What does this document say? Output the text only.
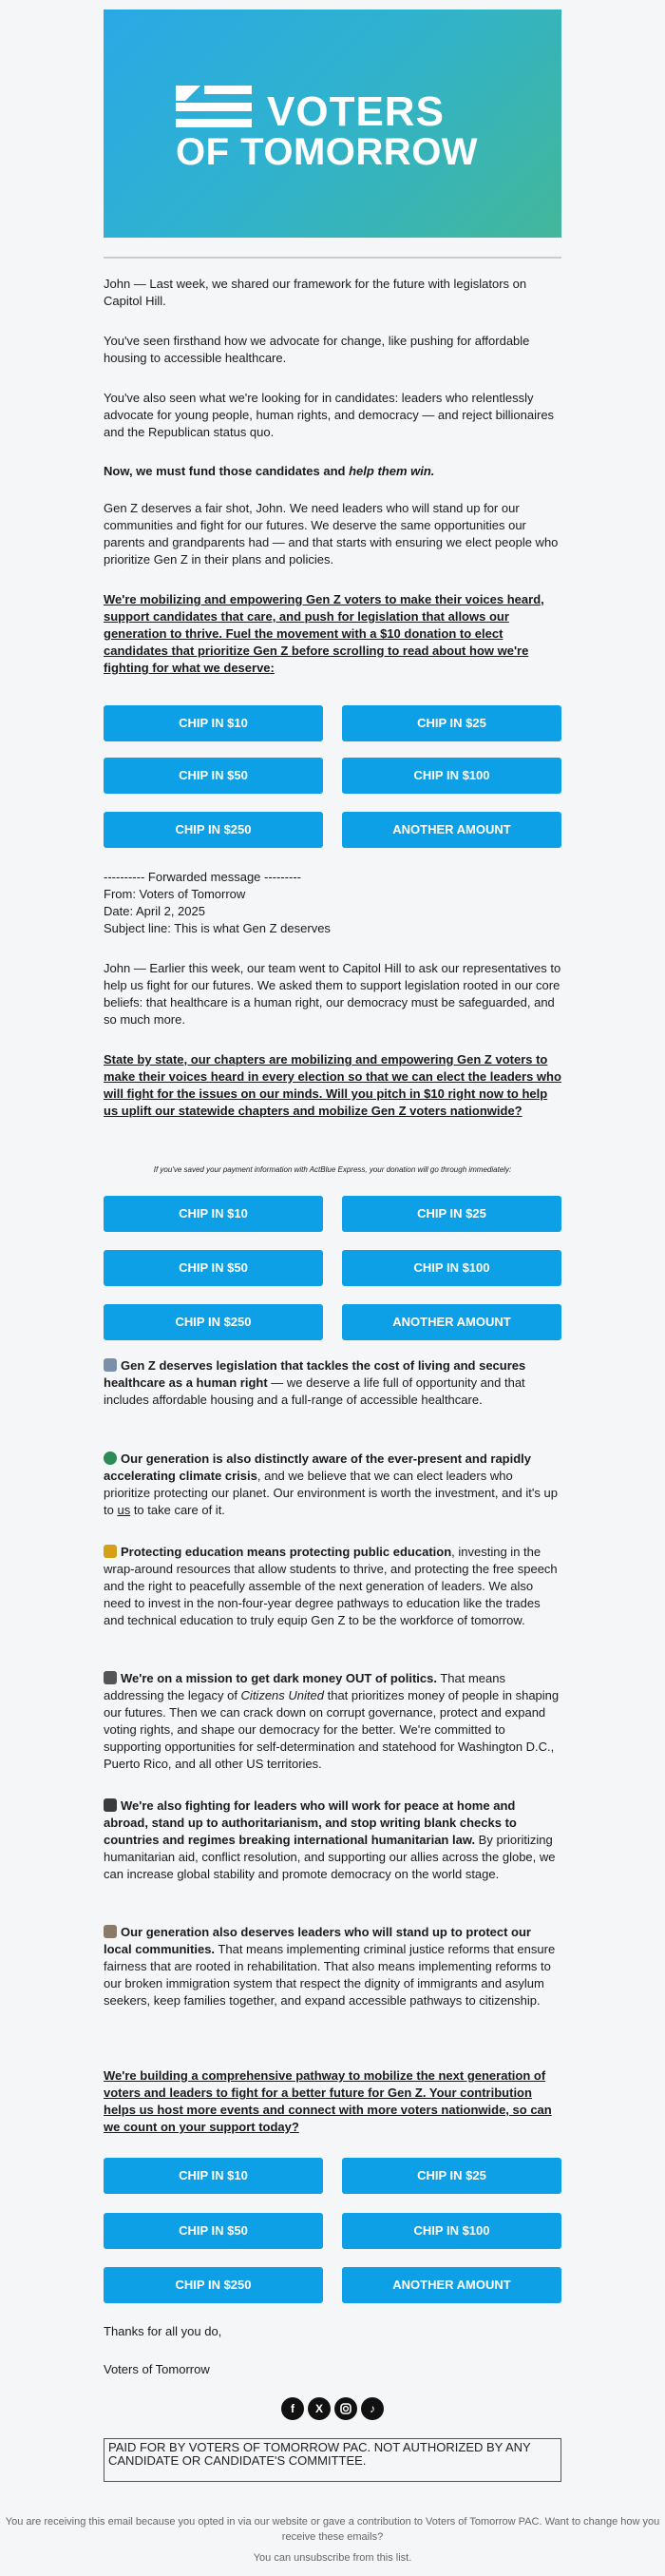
VOTERS
OF TOMORROW

John — Last week, we shared our framework for the future with legislators on Capitol Hill.

You've seen firsthand how we advocate for change, like pushing for affordable housing to accessible healthcare.

You've also seen what we're looking for in candidates: leaders who relentlessly advocate for young people, human rights, and democracy — and reject billionaires and the Republican status quo.

Now, we must fund those candidates and help them win.

Gen Z deserves a fair shot, John. We need leaders who will stand up for our communities and fight for our futures. We deserve the same opportunities our parents and grandparents had — and that starts with ensuring we elect people who prioritize Gen Z in their plans and policies.

We're mobilizing and empowering Gen Z voters to make their voices heard, support candidates that care, and push for legislation that allows our generation to thrive. Fuel the movement with a $10 donation to elect candidates that prioritize Gen Z before scrolling to read about how we're fighting for what we deserve:

CHIP IN $10	CHIP IN $25
CHIP IN $50	CHIP IN $100
CHIP IN $250	ANOTHER AMOUNT

---------- Forwarded message ---------

From: Voters of Tomorrow

Date: April 2, 2025

Subject line: This is what Gen Z deserves

John — Earlier this week, our team went to Capitol Hill to ask our representatives to help us fight for our futures. We asked them to support legislation rooted in our core beliefs: that healthcare is a human right, our democracy must be safeguarded, and so much more.

State by state, our chapters are mobilizing and empowering Gen Z voters to make their voices heard in every election so that we can elect the leaders who will fight for the issues on our minds. Will you pitch in $10 right now to help us uplift our statewide chapters and mobilize Gen Z voters nationwide?

If you've saved your payment information with ActBlue Express, your donation will go through immediately:
CHIP IN $10	CHIP IN $25
CHIP IN $50	CHIP IN $100
CHIP IN $250	ANOTHER AMOUNT

Gen Z deserves legislation that tackles the cost of living and secures healthcare as a human right — we deserve a life full of opportunity and that includes affordable housing and a full-range of accessible healthcare.

Our generation is also distinctly aware of the ever-present and rapidly accelerating climate crisis, and we believe that we can elect leaders who prioritize protecting our planet. Our environment is worth the investment, and it's up to us to take care of it.

Protecting education means protecting public education, investing in the wrap-around resources that allow students to thrive, and protecting the free speech and the right to peacefully assemble of the next generation of leaders. We also need to invest in the non-four-year degree pathways to education like the trades and technical education to truly equip Gen Z to be the workforce of tomorrow.

We're on a mission to get dark money OUT of politics. That means addressing the legacy of Citizens United that prioritizes money of people in shaping our futures. Then we can crack down on corrupt governance, protect and expand voting rights, and shape our democracy for the better. We're committed to supporting opportunities for self-determination and statehood for Washington D.C., Puerto Rico, and all other US territories.

We're also fighting for leaders who will work for peace at home and abroad, stand up to authoritarianism, and stop writing blank checks to countries and regimes breaking international humanitarian law. By prioritizing humanitarian aid, conflict resolution, and supporting our allies across the globe, we can increase global stability and promote democracy on the world stage.

Our generation also deserves leaders who will stand up to protect our local communities. That means implementing criminal justice reforms that ensure fairness that are rooted in rehabilitation. That also means implementing reforms to our broken immigration system that respect the dignity of immigrants and asylum seekers, keep families together, and expand accessible pathways to citizenship.

We're building a comprehensive pathway to mobilize the next generation of voters and leaders to fight for a better future for Gen Z. Your contribution helps us host more events and connect with more voters nationwide, so can we count on your support today?

CHIP IN $10	CHIP IN $25
CHIP IN $50	CHIP IN $100
CHIP IN $250	ANOTHER AMOUNT

Thanks for all you do,

Voters of Tomorrow

f	X	♪
PAID FOR BY VOTERS OF TOMORROW PAC. NOT AUTHORIZED BY ANY CANDIDATE OR CANDIDATE'S COMMITTEE.
You are receiving this email because you opted in via our website or gave a contribution to Voters of Tomorrow PAC. Want to change how you receive these emails?
You can unsubscribe from this list.
